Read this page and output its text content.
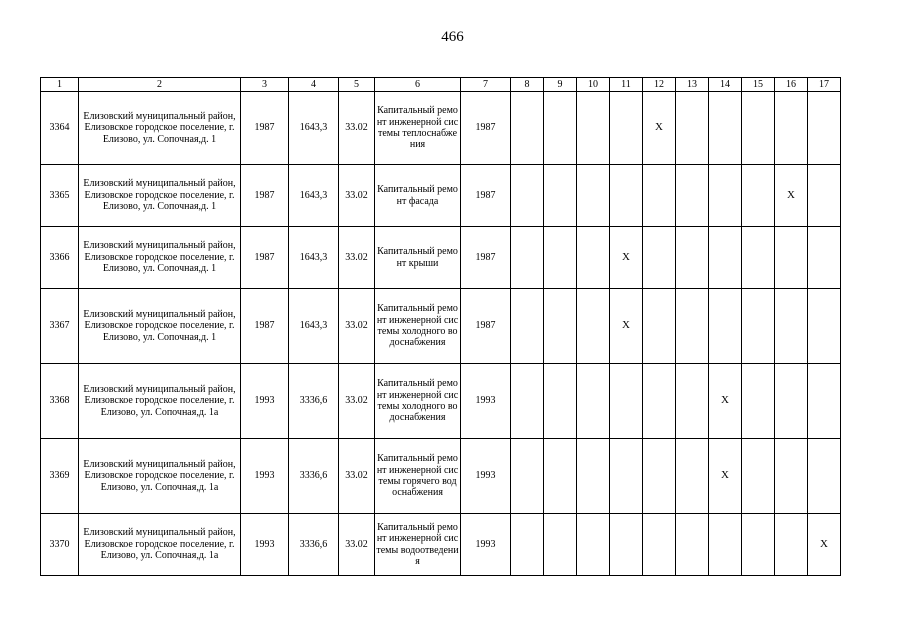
466
1	2	3	4	5	6	7	8	9	10	11	12	13	14	15	16	17
3364	Елизовский муниципальный район, Елизовское городское поселение, г. Елизово, ул. Сопочная,д. 1	1987	1643,3	33.02	Капитальный ремонт инженерной системы теплоснабжения	1987					X					
3365	Елизовский муниципальный район, Елизовское городское поселение, г. Елизово, ул. Сопочная,д. 1	1987	1643,3	33.02	Капитальный ремонт фасада	1987									X	
3366	Елизовский муниципальный район, Елизовское городское поселение, г. Елизово, ул. Сопочная,д. 1	1987	1643,3	33.02	Капитальный ремонт крыши	1987				X						
3367	Елизовский муниципальный район, Елизовское городское поселение, г. Елизово, ул. Сопочная,д. 1	1987	1643,3	33.02	Капитальный ремонт инженерной системы холодного водоснабжения	1987				X						
3368	Елизовский муниципальный район, Елизовское городское поселение, г. Елизово, ул. Сопочная,д. 1а	1993	3336,6	33.02	Капитальный ремонт инженерной системы холодного водоснабжения	1993							X			
3369	Елизовский муниципальный район, Елизовское городское поселение, г. Елизово, ул. Сопочная,д. 1а	1993	3336,6	33.02	Капитальный ремонт инженерной системы горячего водоснабжения	1993							X			
3370	Елизовский муниципальный район, Елизовское городское поселение, г. Елизово, ул. Сопочная,д. 1а	1993	3336,6	33.02	Капитальный ремонт инженерной системы водоотведения	1993										X
